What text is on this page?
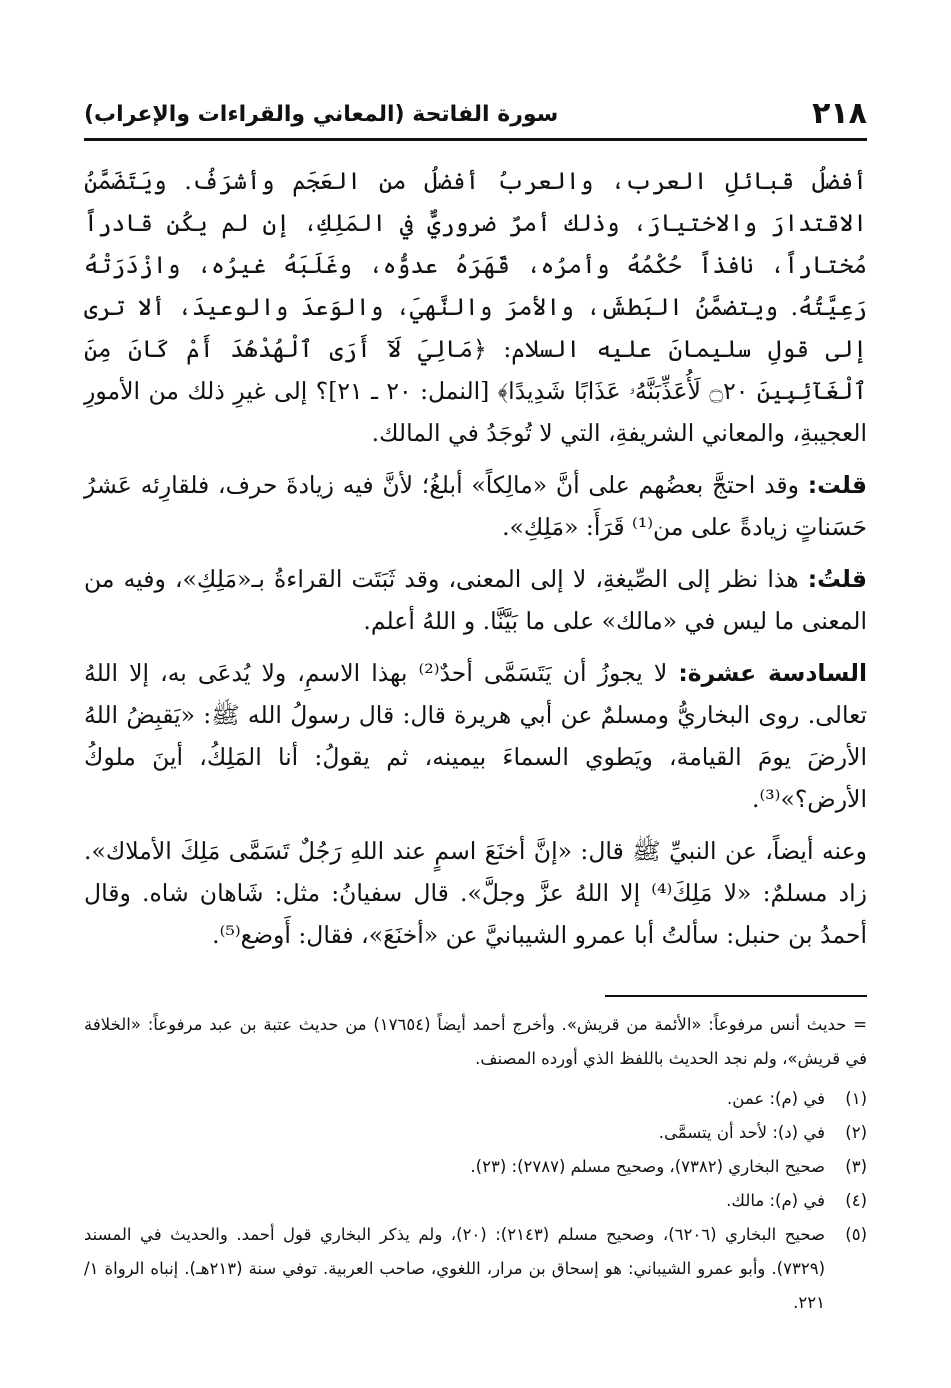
٢١٨
سورة الفاتحة (المعاني والقراءات والإعراب)

أفضلُ قبائلِ العرب، والعربُ أفضلُ من العَجَم وأشرَفُ. ويَتَضَمَّنُ الاقتدارَ والاختيارَ، وذلك أمرٌ ضروريٌّ في المَلِكِ، إن لم يكُن قادراً مُختاراً، نافذاً حُكْمُهُ وأمرُه، قَهَرَهُ عدوُّه، وغَلَبَهُ غيرُه، وازْدَرَتْهُ رَعِيَّتُهُ. ويتضمَّنُ البَطشَ، والأمرَ والنَّهيَ، والوَعدَ والوعيدَ، ألا ترى إلى قولِ سليمانَ عليه السلام: ﴿مَالِيَ لَآ أَرَى ٱلْهُدْهُدَ أَمْ كَانَ مِنَ ٱلْغَآئِبِينَ ۝٢٠ لَأُعَذِّبَنَّهُۥ عَذَابًا شَدِيدًا﴾ [النمل: ٢٠ ـ ٢١]؟ إلى غيرِ ذلك من الأمورِ العجيبةِ، والمعاني الشريفةِ، التي لا تُوجَدُ في المالك.

قلت: وقد احتجَّ بعضُهم على أنَّ «مالِكاً» أبلغُ؛ لأنَّ فيه زيادةَ حرف، فلقارِئه عَشرُ حَسَناتٍ زيادةً على من⁽¹⁾ قَرَأَ: «مَلِكِ».

قلتُ: هذا نظر إلى الصِّيغةِ، لا إلى المعنى، وقد ثَبَتَت القراءةُ بـ«مَلِكِ»، وفيه من المعنى ما ليس في «مالك» على ما بَيَّنَّا. و اللهُ أعلم.

السادسة عشرة: لا يجوزُ أن يَتَسَمَّى أحدٌ⁽²⁾ بهذا الاسمِ، ولا يُدعَى به، إلا اللهُ تعالى. روى البخاريُّ ومسلمٌ عن أبي هريرة قال: قال رسولُ الله ﷺ: «يَقبِضُ اللهُ الأرضَ يومَ القيامة، ويَطوي السماءَ بيمينه، ثم يقولُ: أنا المَلِكُ، أينَ ملوكُ الأرض؟»⁽³⁾.

وعنه أيضاً، عن النبيِّ ﷺ قال: «إنَّ أخنَعَ اسمٍ عند اللهِ رَجُلٌ تَسَمَّى مَلِكَ الأملاك». زاد مسلمٌ: «لا مَلِكَ⁽⁴⁾ إلا اللهُ عزَّ وجلَّ». قال سفيانُ: مثل: شَاهان شاه. وقال أحمدُ بن حنبل: سألتُ أبا عمرو الشيبانيَّ عن «أخنَعَ»، فقال: أَوضع⁽⁵⁾.

= حديث أنس مرفوعاً: «الأئمة من قريش». وأخرج أحمد أيضاً (١٧٦٥٤) من حديث عتبة بن عبد مرفوعاً: «الخلافة في قريش»، ولم نجد الحديث باللفظ الذي أورده المصنف.

(١)
في (م): عمن.
(٢)
في (د): لأحد أن يتسمَّى.
(٣)
صحيح البخاري (٧٣٨٢)، وصحيح مسلم (٢٧٨٧): (٢٣).
(٤)
في (م): مالك.
(٥)
صحيح البخاري (٦٢٠٦)، وصحيح مسلم (٢١٤٣): (٢٠)، ولم يذكر البخاري قول أحمد. والحديث في المسند (٧٣٢٩). وأبو عمرو الشيباني: هو إسحاق بن مرار، اللغوي، صاحب العربية. توفي سنة (٢١٣هـ). إنباه الرواة ١/ ٢٢١.
